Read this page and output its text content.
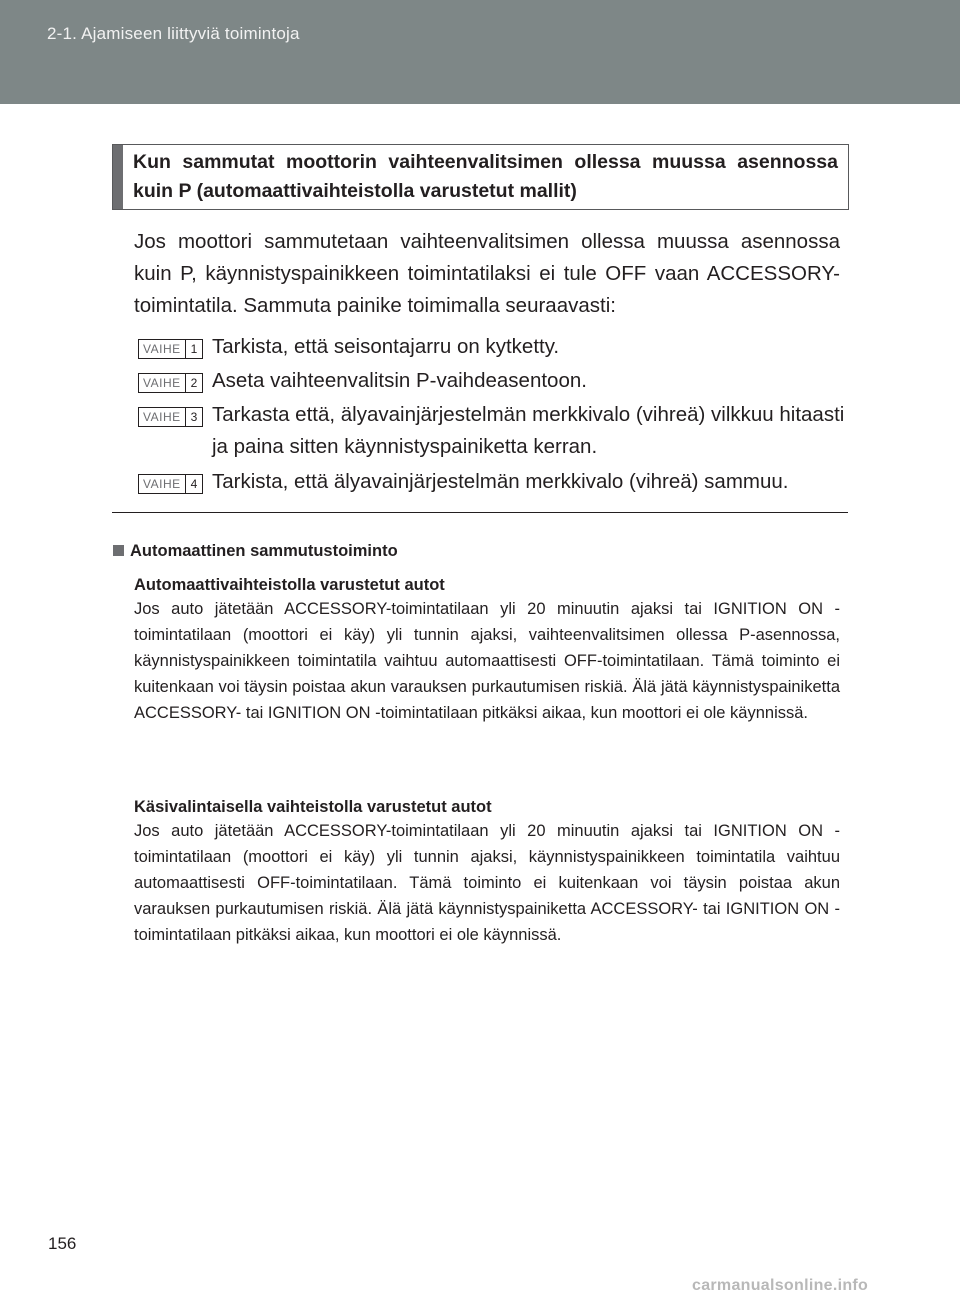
2-1. Ajamiseen liittyviä toimintoja
Kun sammutat moottorin vaihteenvalitsimen ollessa muussa asennossa kuin P (automaattivaihteistolla varustetut mallit)
Jos moottori sammutetaan vaihteenvalitsimen ollessa muussa asennossa kuin P, käynnistyspainikkeen toimintatilaksi ei tule OFF vaan ACCESSORY-toimintatila. Sammuta painike toimimalla seuraavasti:
VAIHE 1 Tarkista, että seisontajarru on kytketty.
VAIHE 2 Aseta vaihteenvalitsin P-vaihdeasentoon.
VAIHE 3 Tarkasta että, älyavainjärjestelmän merkkivalo (vihreä) vilkkuu hitaasti ja paina sitten käynnistyspainiketta kerran.
VAIHE 4 Tarkista, että älyavainjärjestelmän merkkivalo (vihreä) sammuu.
Automaattinen sammutustoiminto
Automaattivaihteistolla varustetut autot
Jos auto jätetään ACCESSORY-toimintatilaan yli 20 minuutin ajaksi tai IGNITION ON -toimintatilaan (moottori ei käy) yli tunnin ajaksi, vaihteenvalitsimen ollessa P-asennossa, käynnistyspainikkeen toimintatila vaihtuu automaattisesti OFF-toimintatilaan. Tämä toiminto ei kuitenkaan voi täysin poistaa akun varauksen purkautumisen riskiä. Älä jätä käynnistyspainiketta ACCESSORY- tai IGNITION ON -toimintatilaan pitkäksi aikaa, kun moottori ei ole käynnissä.
Käsivalintaisella vaihteistolla varustetut autot
Jos auto jätetään ACCESSORY-toimintatilaan yli 20 minuutin ajaksi tai IGNITION ON -toimintatilaan (moottori ei käy) yli tunnin ajaksi, käynnistyspainikkeen toimintatila vaihtuu automaattisesti OFF-toimintatilaan. Tämä toiminto ei kuitenkaan voi täysin poistaa akun varauksen purkautumisen riskiä. Älä jätä käynnistyspainiketta ACCESSORY- tai IGNITION ON -toimintatilaan pitkäksi aikaa, kun moottori ei ole käynnissä.
156
carmanualsonline.info
